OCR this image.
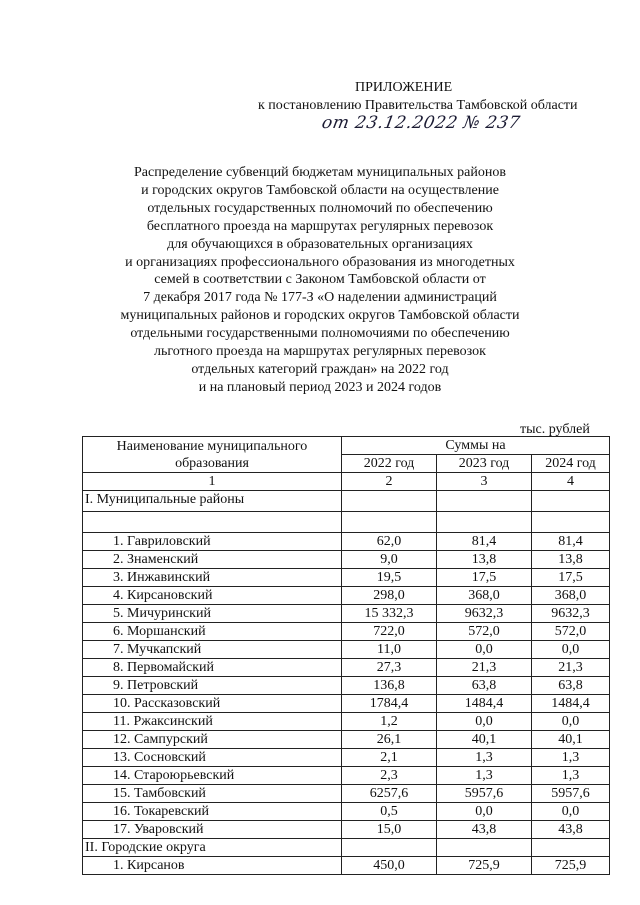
ПРИЛОЖЕНИЕ
к постановлению Правительства Тамбовской области
от 23.12.2022 № 237
Распределение субвенций бюджетам муниципальных районов
и городских округов Тамбовской области на осуществление
отдельных государственных полномочий по обеспечению
бесплатного проезда на маршрутах регулярных перевозок
для обучающихся в образовательных организациях
и организациях профессионального образования из многодетных
семей в соответствии с Законом Тамбовской области от
7 декабря 2017 года № 177-З «О наделении администраций
муниципальных районов и городских округов Тамбовской области
отдельными государственными полномочиями по обеспечению
льготного проезда на маршрутах регулярных перевозок
отдельных категорий граждан» на 2022 год
и на плановый период 2023 и 2024 годов
тыс. рублей
Наименование муниципального образования	Суммы на		
	2022 год	2023 год	2024 год
1	2	3	4
I. Муниципальные районы			

1. Гавриловский	62,0	81,4	81,4
2. Знаменский	9,0	13,8	13,8
3. Инжавинский	19,5	17,5	17,5
4. Кирсановский	298,0	368,0	368,0
5. Мичуринский	15 332,3	9632,3	9632,3
6. Моршанский	722,0	572,0	572,0
7. Мучкапский	11,0	0,0	0,0
8. Первомайский	27,3	21,3	21,3
9. Петровский	136,8	63,8	63,8
10. Рассказовский	1784,4	1484,4	1484,4
11. Ржаксинский	1,2	0,0	0,0
12. Сампурский	26,1	40,1	40,1
13. Сосновский	2,1	1,3	1,3
14. Староюрьевский	2,3	1,3	1,3
15. Тамбовский	6257,6	5957,6	5957,6
16. Токаревский	0,5	0,0	0,0
17. Уваровский	15,0	43,8	43,8
II. Городские округа			
1. Кирсанов	450,0	725,9	725,9
